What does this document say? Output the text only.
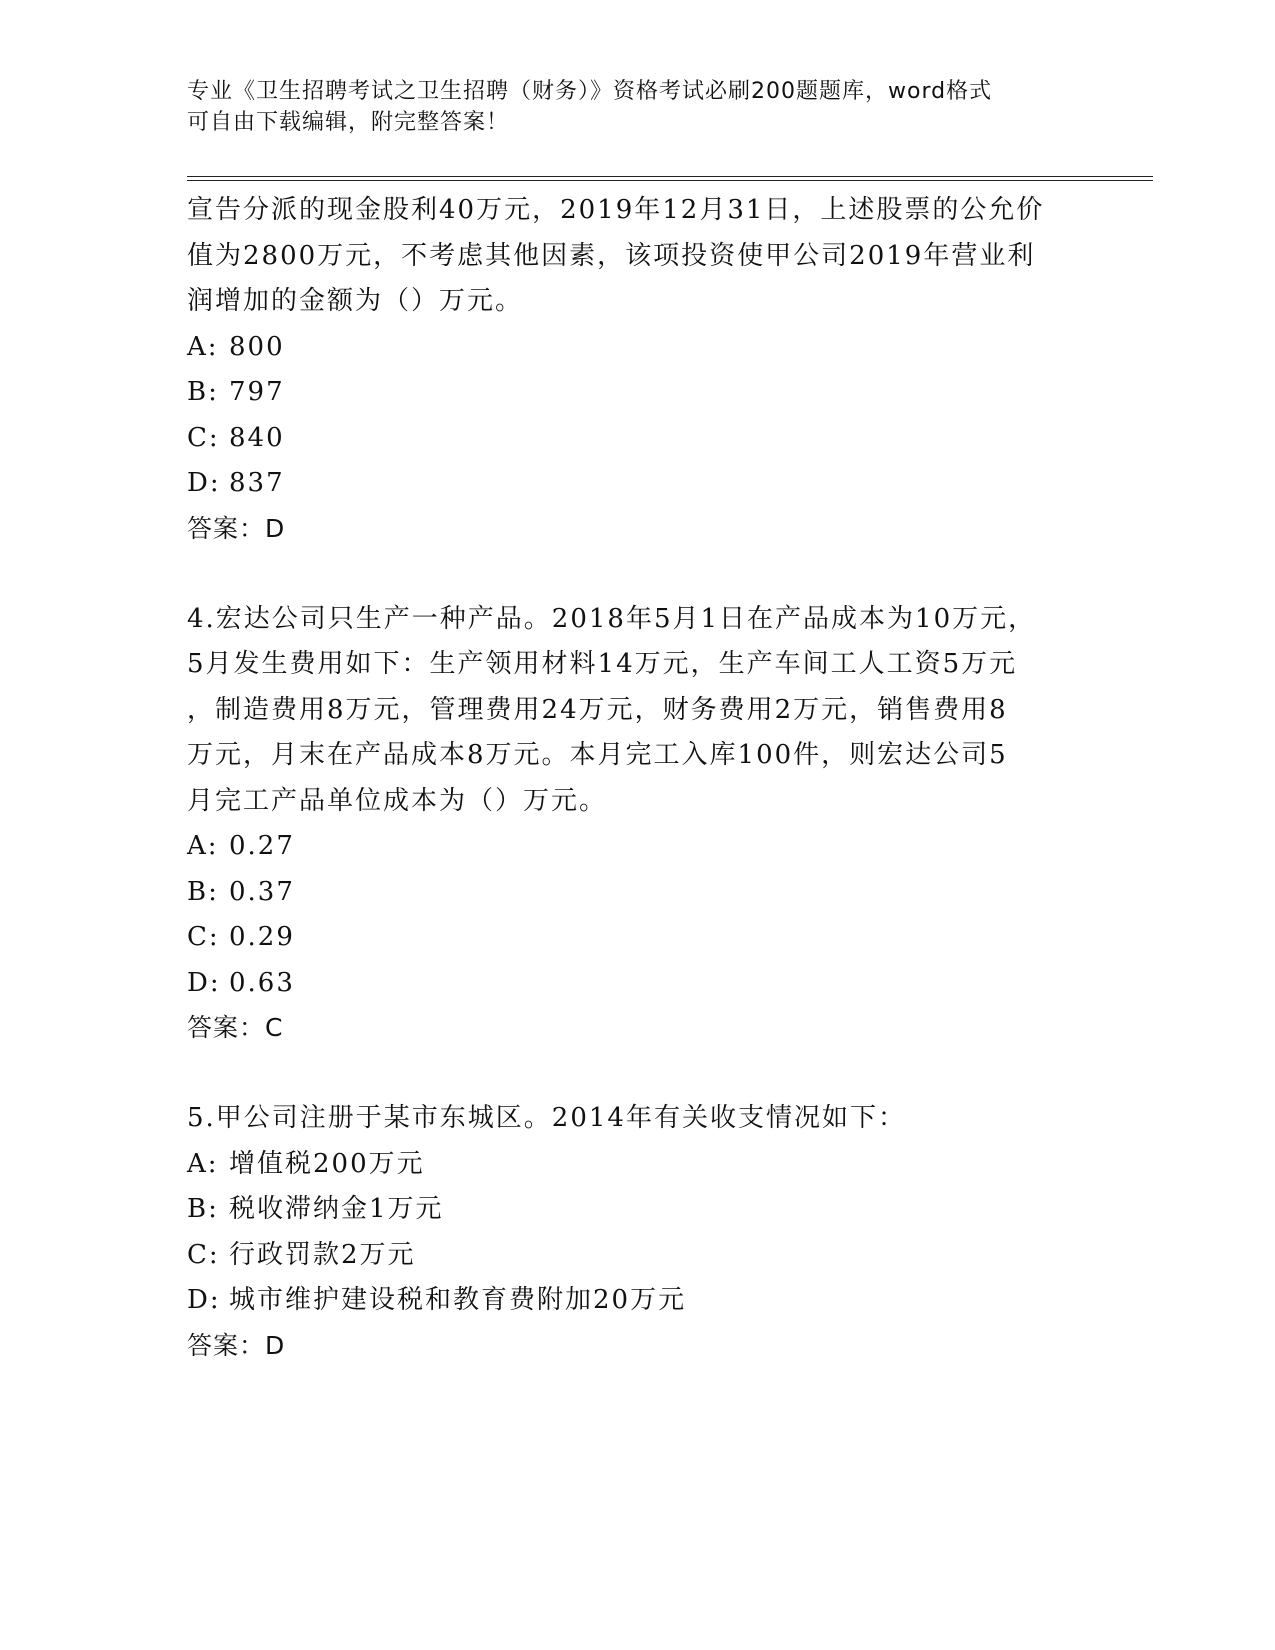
专业《卫生招聘考试之卫生招聘（财务）》资格考试必刷200题题库，word格式
可自由下载编辑，附完整答案！
宣告分派的现金股利40万元，2019年12月31日，上述股票的公允价
值为2800万元，不考虑其他因素，该项投资使甲公司2019年营业利
润增加的金额为（）万元。
A: 800
B: 797
C: 840
D: 837
答案：D
4.宏达公司只生产一种产品。2018年5月1日在产品成本为10万元，
5月发生费用如下：生产领用材料14万元，生产车间工人工资5万元
，制造费用8万元，管理费用24万元，财务费用2万元，销售费用8
万元，月末在产品成本8万元。本月完工入库100件，则宏达公司5
月完工产品单位成本为（）万元。
A: 0.27
B: 0.37
C: 0.29
D: 0.63
答案：C
5.甲公司注册于某市东城区。2014年有关收支情况如下：
A: 增值税200万元
B: 税收滞纳金1万元
C: 行政罚款2万元
D: 城市维护建设税和教育费附加20万元
答案：D
